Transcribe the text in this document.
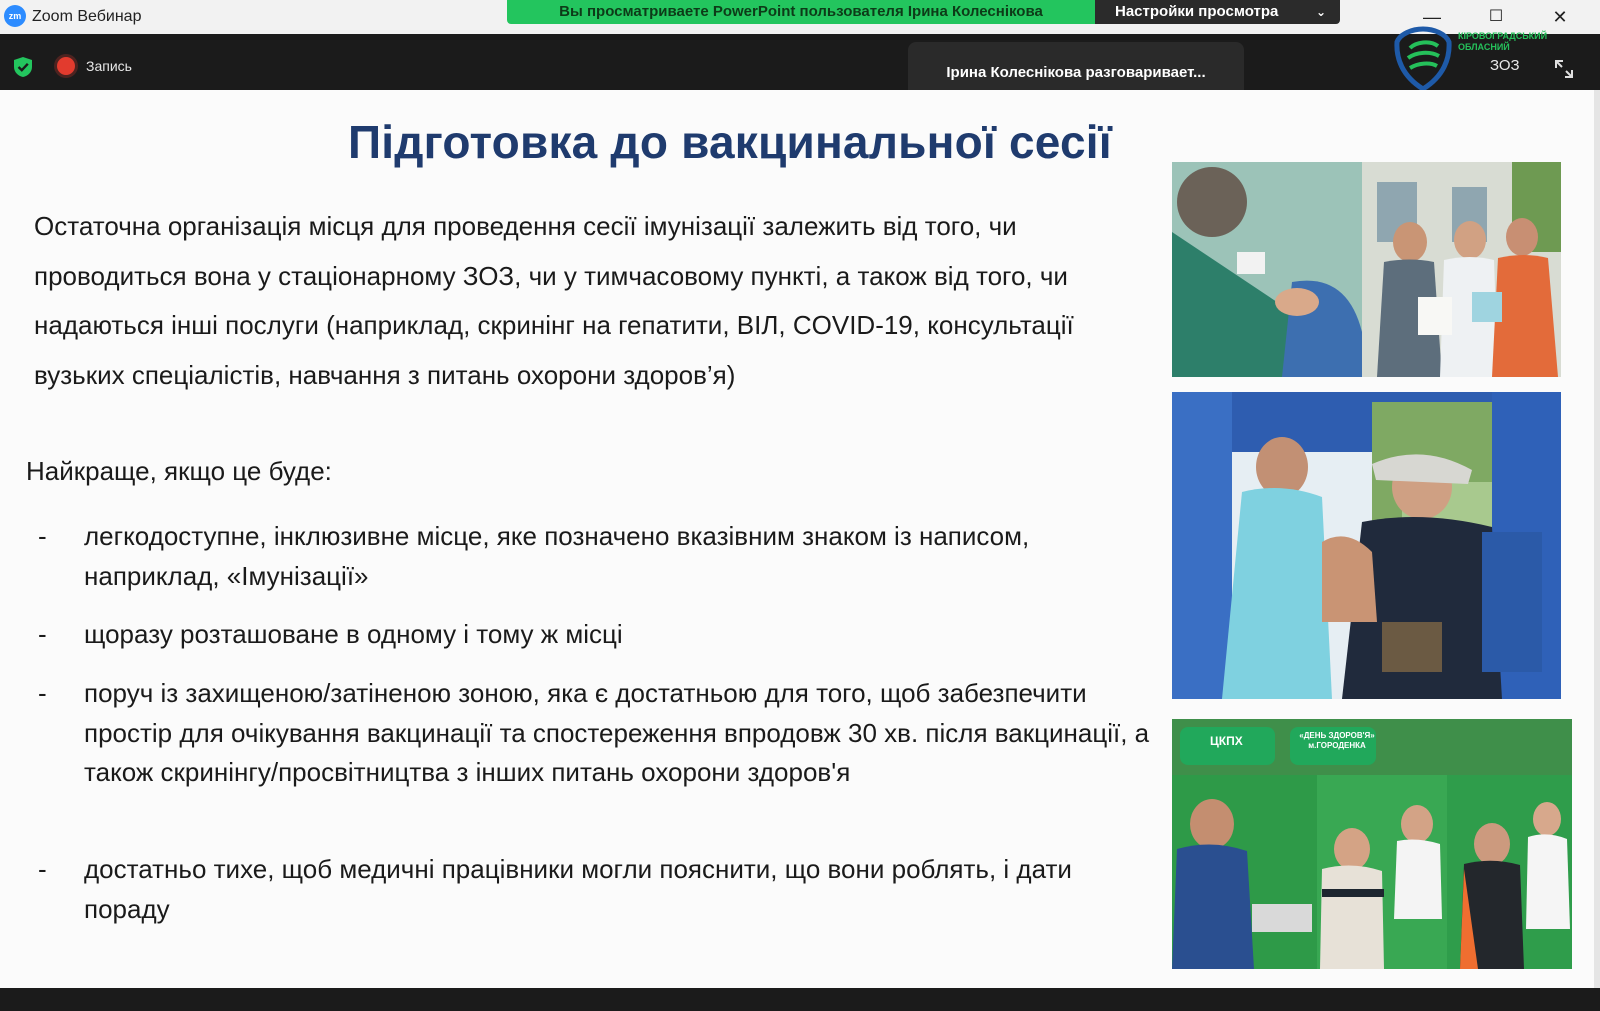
zm Zoom Вебинар	Вы просматриваете PowerPoint пользователя Ірина Колеснікова	Настройки просмотра	⌄	—	☐	✕
Запись	Ірина Колеснікова разговаривает...
КІРОВОГРАДСЬКИЙ ОБЛАСНИЙ
ЗОЗ
Підготовка до вакцинальної сесії
Остаточна організація місця для проведення сесії імунізації залежить від того, чи проводиться вона у стаціонарному ЗОЗ, чи у тимчасовому пункті, а також від того, чи надаються інші послуги (наприклад, скринінг на гепатити, ВІЛ, COVID-19, консультації вузьких спеціалістів, навчання з питань охорони здоров’я)
Найкраще, якщо це буде:
- легкодоступне, інклюзивне місце, яке позначено вказівним знаком із написом, наприклад, «Імунізації»
- щоразу розташоване в одному і тому ж місці
- поруч із захищеною/затіненою зоною, яка є достатньою для того, щоб забезпечити простір для очікування вакцинації та спостереження впродовж 30 хв. після вакцинації, а також скринінгу/просвітництва з інших питань охорони здоров'я
- достатньо тихе, щоб медичні працівники могли пояснити, що вони роблять, і дати пораду
ЦКПХ	«ДЕНЬ ЗДОРОВ'Я» м.ГОРОДЕНКА
